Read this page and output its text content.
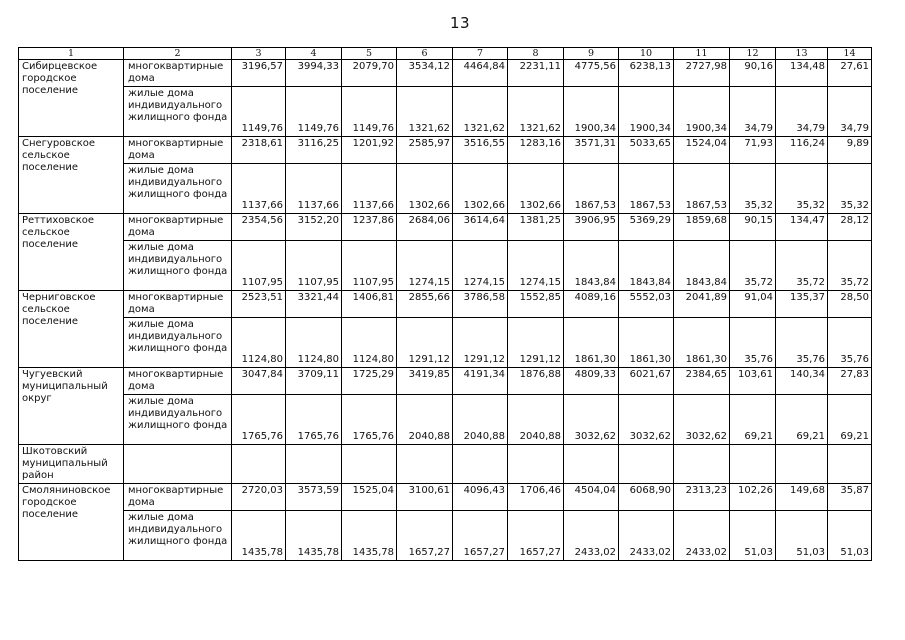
13
1	2	3	4	5	6	7	8	9	10	11	12	13	14
Сибирцевское городское поселение	многоквартирные дома	3196,57	3994,33	2079,70	3534,12	4464,84	2231,11	4775,56	6238,13	2727,98	90,16	134,48	27,61
	жилые дома индивидуального жилищного фонда	1149,76	1149,76	1149,76	1321,62	1321,62	1321,62	1900,34	1900,34	1900,34	34,79	34,79	34,79
Снегуровское сельское поселение	многоквартирные дома	2318,61	3116,25	1201,92	2585,97	3516,55	1283,16	3571,31	5033,65	1524,04	71,93	116,24	9,89
	жилые дома индивидуального жилищного фонда	1137,66	1137,66	1137,66	1302,66	1302,66	1302,66	1867,53	1867,53	1867,53	35,32	35,32	35,32
Реттиховское сельское поселение	многоквартирные дома	2354,56	3152,20	1237,86	2684,06	3614,64	1381,25	3906,95	5369,29	1859,68	90,15	134,47	28,12
	жилые дома индивидуального жилищного фонда	1107,95	1107,95	1107,95	1274,15	1274,15	1274,15	1843,84	1843,84	1843,84	35,72	35,72	35,72
Черниговское сельское поселение	многоквартирные дома	2523,51	3321,44	1406,81	2855,66	3786,58	1552,85	4089,16	5552,03	2041,89	91,04	135,37	28,50
	жилые дома индивидуального жилищного фонда	1124,80	1124,80	1124,80	1291,12	1291,12	1291,12	1861,30	1861,30	1861,30	35,76	35,76	35,76
Чугуевский муниципальный округ	многоквартирные дома	3047,84	3709,11	1725,29	3419,85	4191,34	1876,88	4809,33	6021,67	2384,65	103,61	140,34	27,83
	жилые дома индивидуального жилищного фонда	1765,76	1765,76	1765,76	2040,88	2040,88	2040,88	3032,62	3032,62	3032,62	69,21	69,21	69,21
Шкотовский муниципальный район													
Смоляниновское городское поселение	многоквартирные дома	2720,03	3573,59	1525,04	3100,61	4096,43	1706,46	4504,04	6068,90	2313,23	102,26	149,68	35,87
	жилые дома индивидуального жилищного фонда	1435,78	1435,78	1435,78	1657,27	1657,27	1657,27	2433,02	2433,02	2433,02	51,03	51,03	51,03
